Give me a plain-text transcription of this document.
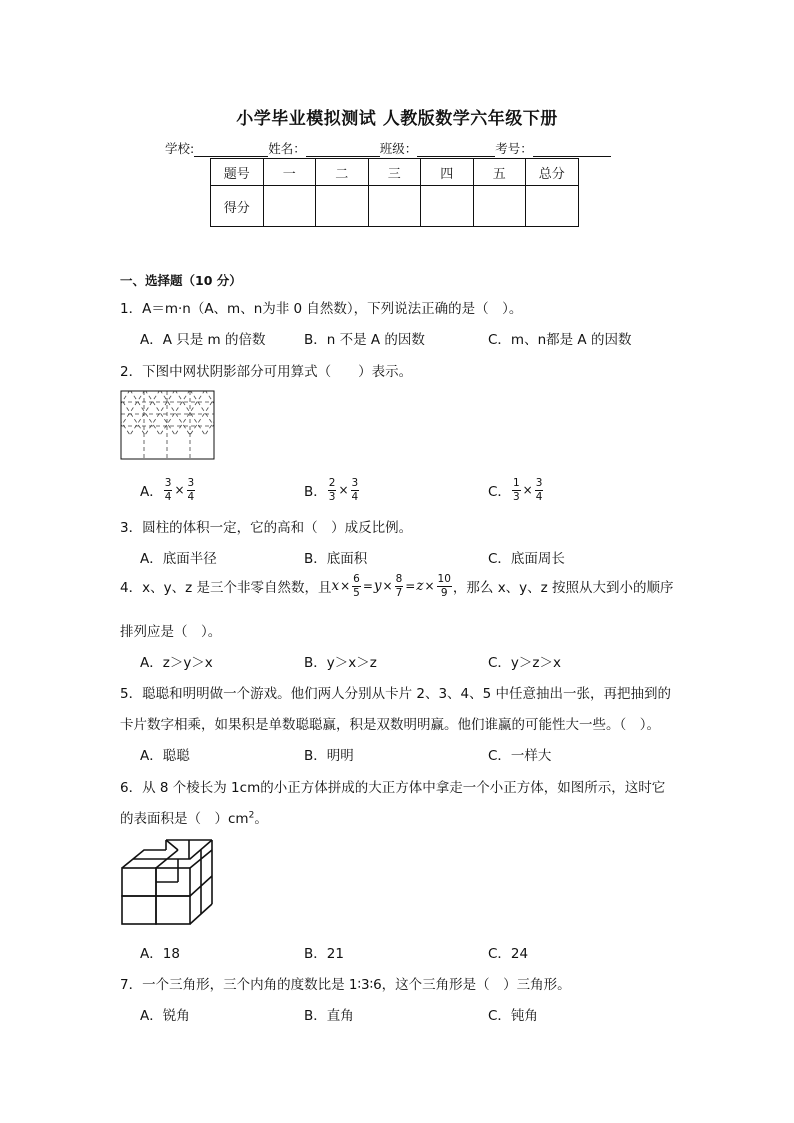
小学毕业模拟测试 人教版数学六年级下册
学校:	姓名：	班级：	考号：
题号	一	二	三	四	五	总分
得分						
一、选择题（10 分）
1．A＝m·n（A、m、n为非 0 自然数），下列说法正确的是（　）。
A．A 只是 m 的倍数	B．n 不是 A 的因数	C．m、n都是 A 的因数
2．下图中网状阴影部分可用算式（　　）表示。
A． $\frac{3}{4} \times \frac{3}{4}$	B． $\frac{2}{3} \times \frac{3}{4}$	C． $\frac{1}{3} \times \frac{3}{4}$
3．圆柱的体积一定，它的高和（　）成反比例。
A．底面半径	B．底面积	C．底面周长
4．x、y、z 是三个非零自然数，且 $x \times \frac{6}{5} = y \times \frac{8}{7} = z \times \frac{10}{9}$ ，那么 x、y、z 按照从大到小的顺序
排列应是（　）。
A．z＞y＞x	B．y＞x＞z	C．y＞z＞x
5．聪聪和明明做一个游戏。他们两人分别从卡片 2、3、4、5 中任意抽出一张，再把抽到的
卡片数字相乘，如果积是单数聪聪赢，积是双数明明赢。他们谁赢的可能性大一些。（　）。
A．聪聪	B．明明	C．一样大
6．从 8 个棱长为 1cm的小正方体拼成的大正方体中拿走一个小正方体，如图所示，这时它
的表面积是（　）$cm^2$。
A．18	B．21	C．24
7．一个三角形，三个内角的度数比是 1∶3∶6，这个三角形是（　）三角形。
A．锐角	B．直角	C．钝角
